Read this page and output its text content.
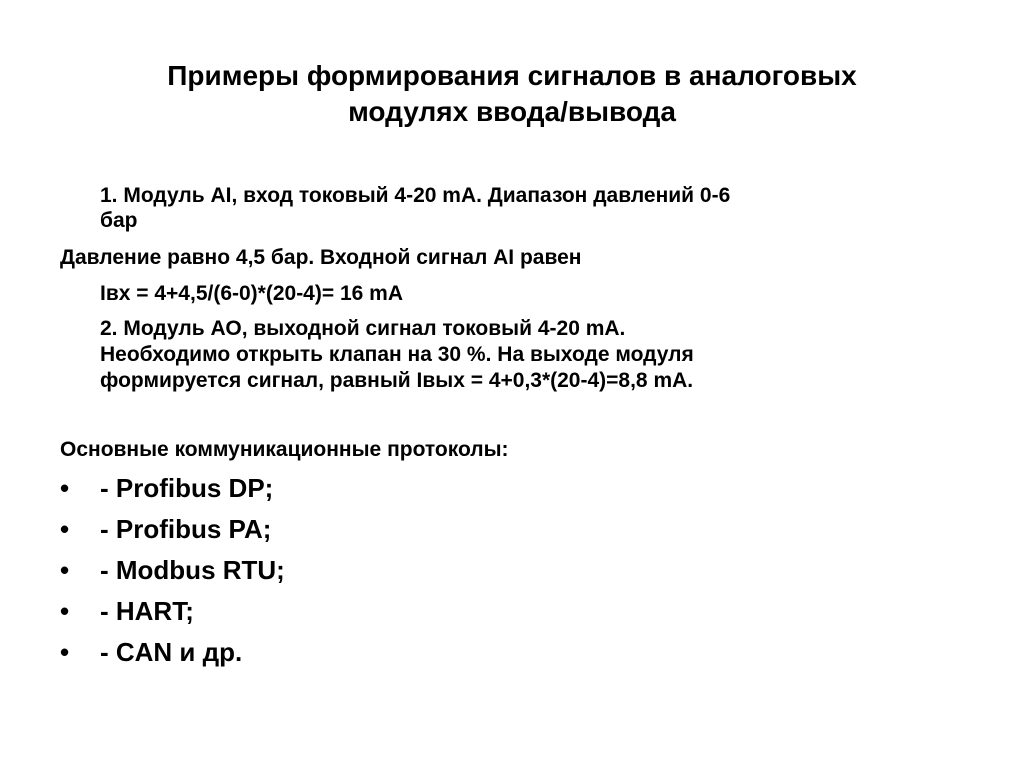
Примеры формирования сигналов в аналоговых
модулях ввода/вывода
1. Модуль AI, вход токовый 4-20 mA. Диапазон давлений 0-6
бар
Давление равно 4,5 бар. Входной сигнал AI равен
Iвх = 4+4,5/(6-0)*(20-4)= 16 mA
2. Модуль АО, выходной сигнал токовый 4-20 mA.
Необходимо открыть клапан на 30 %. На выходе модуля
формируется сигнал, равный Iвых = 4+0,3*(20-4)=8,8 mA.
Основные коммуникационные протоколы:
•	- Profibus DP;
•	- Profibus PA;
•	- Modbus RTU;
•	- HART;
•	- CAN и др.
